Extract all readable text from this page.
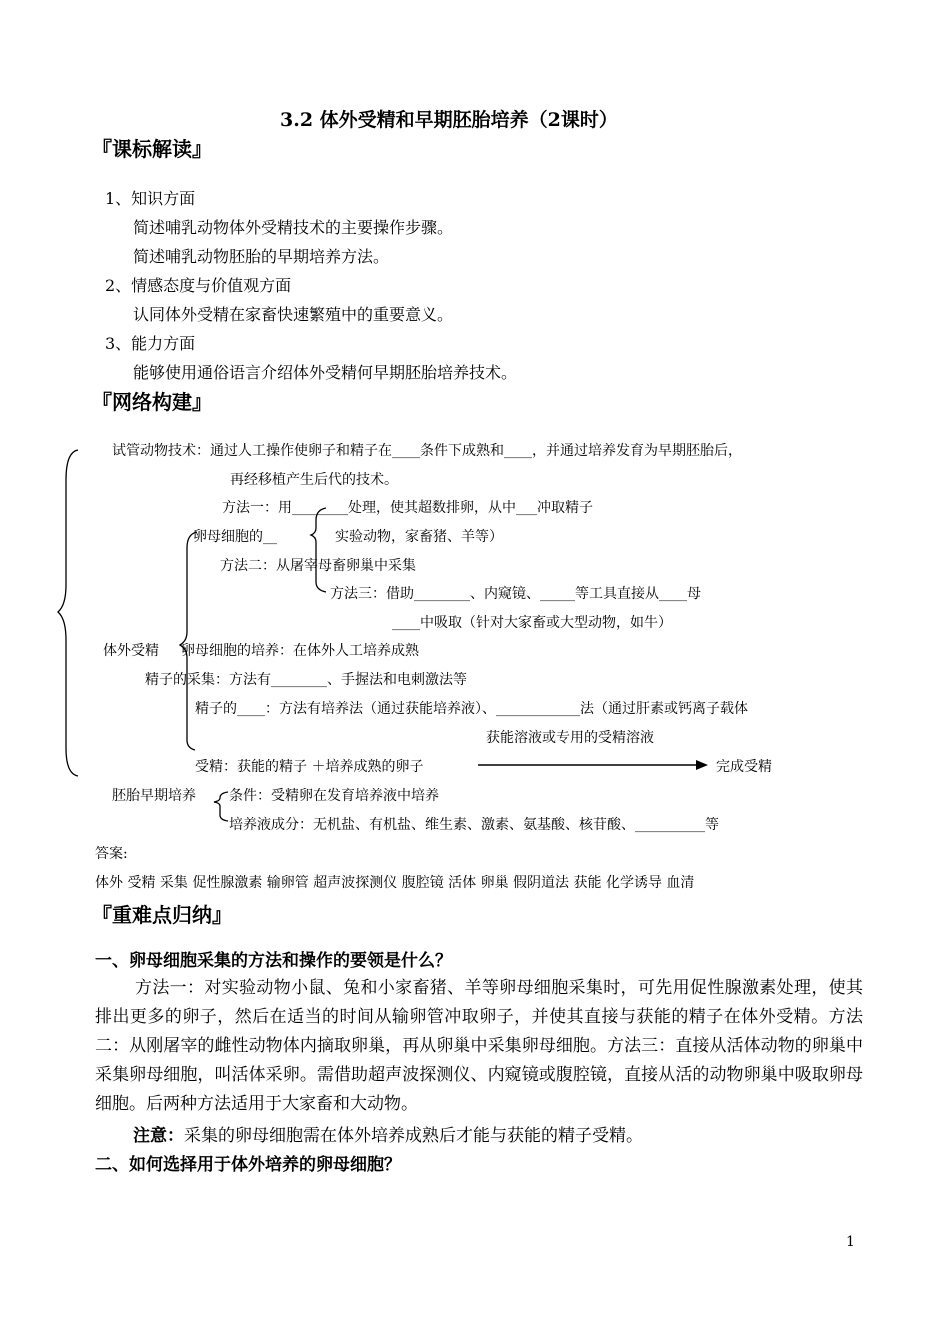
3.2 体外受精和早期胚胎培养（2课时）
『课标解读』
1、知识方面
简述哺乳动物体外受精技术的主要操作步骤。
简述哺乳动物胚胎的早期培养方法。
2、情感态度与价值观方面
认同体外受精在家畜快速繁殖中的重要意义。
3、能力方面
能够使用通俗语言介绍体外受精何早期胚胎培养技术。
『网络构建』
试管动物技术：通过人工操作使卵子和精子在____条件下成熟和____，并通过培养发育为早期胚胎后，
再经移植产生后代的技术。
方法一：用________处理，使其超数排卵，从中___冲取精子
卵母细胞的__	实验动物，家畜猪、羊等）
方法二：从屠宰母畜卵巢中采集
方法三：借助________、内窥镜、_____等工具直接从____母
____中吸取（针对大家畜或大型动物，如牛）
体外受精 卵母细胞的培养：在体外人工培养成熟
精子的采集：方法有________、手握法和电刺激法等
精子的____：方法有培养法（通过获能培养液）、____________法（通过肝素或钙离子载体
获能溶液或专用的受精溶液
受精：获能的精子 ＋培养成熟的卵子	完成受精
胚胎早期培养 条件：受精卵在发育培养液中培养
培养液成分：无机盐、有机盐、维生素、激素、氨基酸、核苷酸、__________等
答案:
体外 受精 采集 促性腺激素 输卵管 超声波探测仪 腹腔镜 活体 卵巢 假阴道法 获能 化学诱导 血清
『重难点归纳』
一、卵母细胞采集的方法和操作的要领是什么？
方法一：对实验动物小鼠、兔和小家畜猪、羊等卵母细胞采集时，可先用促性腺激素处理，使其排出更多的卵子，然后在适当的时间从输卵管冲取卵子，并使其直接与获能的精子在体外受精。方法二：从刚屠宰的雌性动物体内摘取卵巢，再从卵巢中采集卵母细胞。方法三：直接从活体动物的卵巢中采集卵母细胞，叫活体采卵。需借助超声波探测仪、内窥镜或腹腔镜，直接从活的动物卵巢中吸取卵母细胞。后两种方法适用于大家畜和大动物。
注意：采集的卵母细胞需在体外培养成熟后才能与获能的精子受精。
二、如何选择用于体外培养的卵母细胞？
1
